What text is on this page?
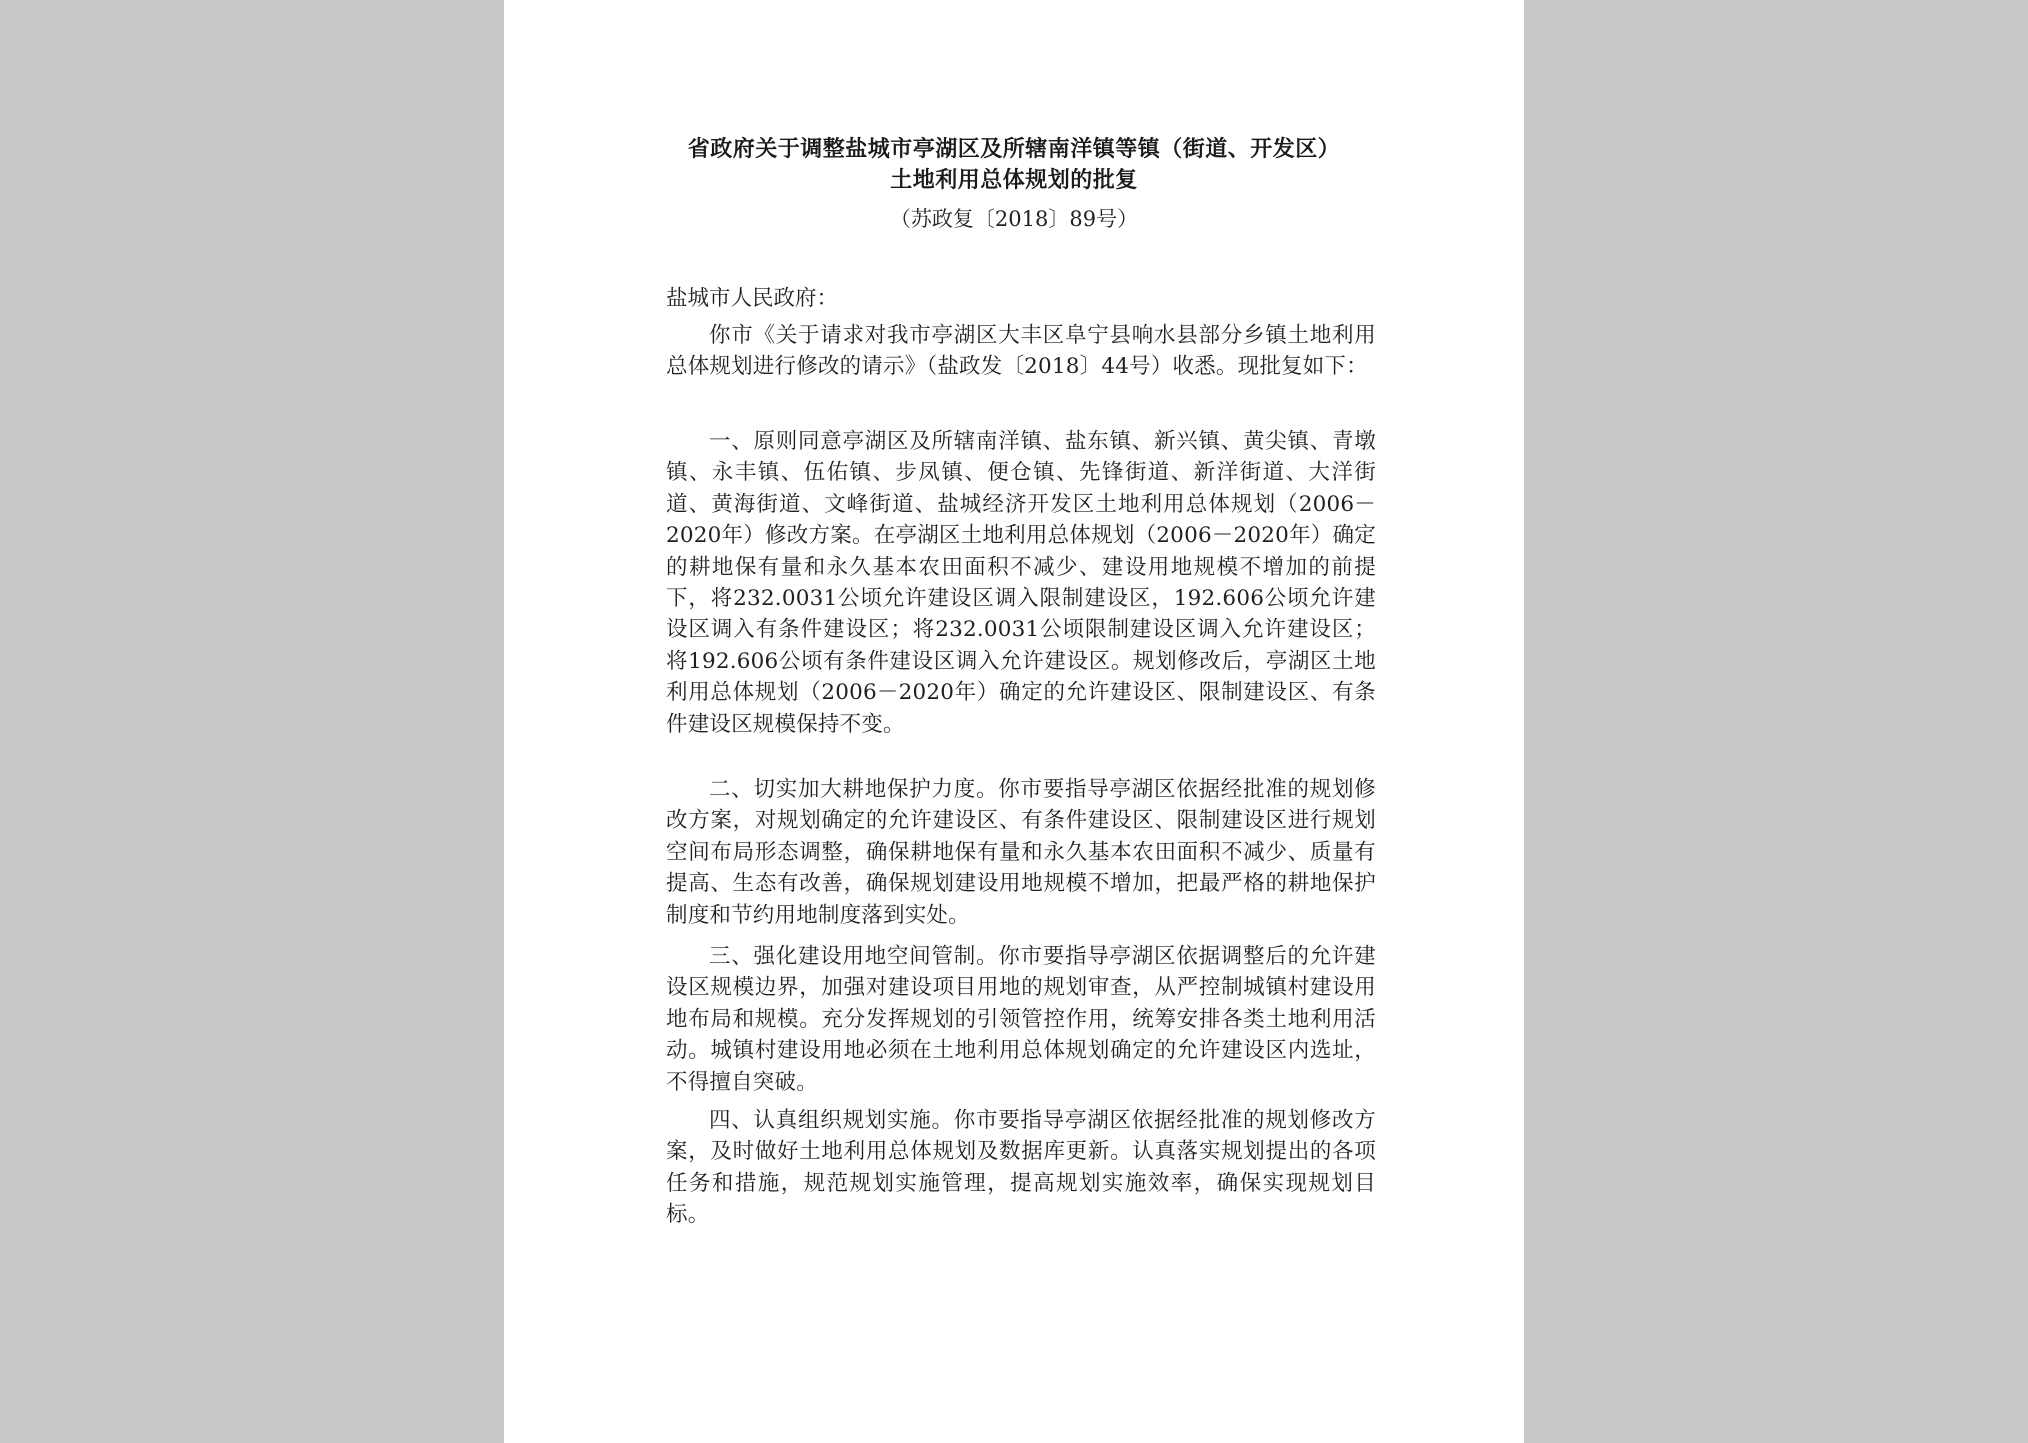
省政府关于调整盐城市亭湖区及所辖南洋镇等镇（街道、开发区）
土地利用总体规划的批复
（苏政复〔2018〕89号）
盐城市人民政府：

你市《关于请求对我市亭湖区大丰区阜宁县响水县部分乡镇土地利用总体规划进行修改的请示》（盐政发〔2018〕44号）收悉。现批复如下：

一、原则同意亭湖区及所辖南洋镇、盐东镇、新兴镇、黄尖镇、青墩镇、永丰镇、伍佑镇、步凤镇、便仓镇、先锋街道、新洋街道、大洋街道、黄海街道、文峰街道、盐城经济开发区土地利用总体规划（2006－2020年）修改方案。在亭湖区土地利用总体规划（2006－2020年）确定的耕地保有量和永久基本农田面积不减少、建设用地规模不增加的前提下，将232.0031公顷允许建设区调入限制建设区，192.606公顷允许建设区调入有条件建设区；将232.0031公顷限制建设区调入允许建设区；将192.606公顷有条件建设区调入允许建设区。规划修改后，亭湖区土地利用总体规划（2006－2020年）确定的允许建设区、限制建设区、有条件建设区规模保持不变。

二、切实加大耕地保护力度。你市要指导亭湖区依据经批准的规划修改方案，对规划确定的允许建设区、有条件建设区、限制建设区进行规划空间布局形态调整，确保耕地保有量和永久基本农田面积不减少、质量有提高、生态有改善，确保规划建设用地规模不增加，把最严格的耕地保护制度和节约用地制度落到实处。

三、强化建设用地空间管制。你市要指导亭湖区依据调整后的允许建设区规模边界，加强对建设项目用地的规划审查，从严控制城镇村建设用地布局和规模。充分发挥规划的引领管控作用，统筹安排各类土地利用活动。城镇村建设用地必须在土地利用总体规划确定的允许建设区内选址，不得擅自突破。

四、认真组织规划实施。你市要指导亭湖区依据经批准的规划修改方案，及时做好土地利用总体规划及数据库更新。认真落实规划提出的各项任务和措施，规范规划实施管理，提高规划实施效率，确保实现规划目标。
